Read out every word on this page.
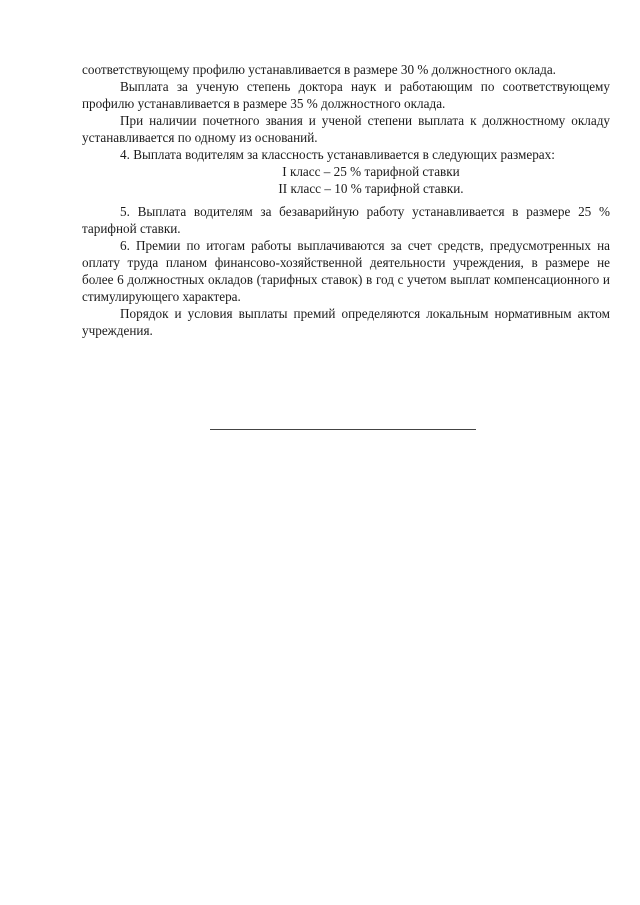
соответствующему профилю устанавливается в размере 30 % должностного оклада.

Выплата за ученую степень доктора наук и работающим по соответствующему профилю устанавливается в размере 35 % должностного оклада.

При наличии почетного звания и ученой степени выплата к должностному окладу устанавливается по одному из оснований.

4. Выплата водителям за классность устанавливается в следующих размерах:

I класс – 25 % тарифной ставки
II класс – 10 % тарифной ставки.

5. Выплата водителям за безаварийную работу устанавливается в размере 25 % тарифной ставки.

6. Премии по итогам работы выплачиваются за счет средств, предусмотренных на оплату труда планом финансово-хозяйственной деятельности учреждения, в размере не более 6 должностных окладов (тарифных ставок) в год с учетом выплат компенсационного и стимулирующего характера.

Порядок и условия выплаты премий определяются локальным нормативным актом учреждения.
